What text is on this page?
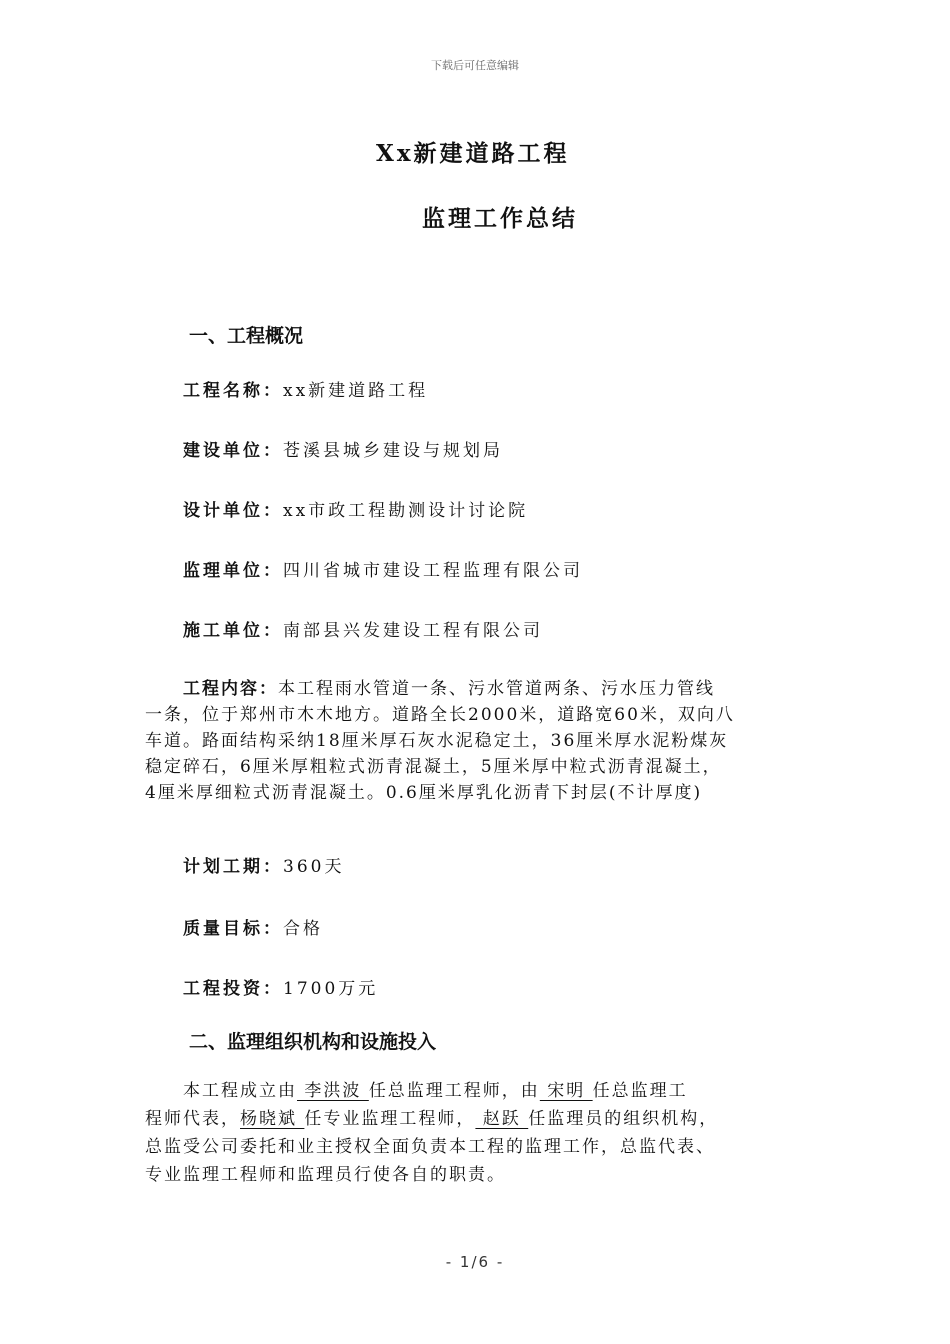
下载后可任意编辑
Xx新建道路工程
监理工作总结
一、工程概况
工程名称：xx新建道路工程
建设单位：苍溪县城乡建设与规划局
设计单位：xx市政工程勘测设计讨论院
监理单位：四川省城市建设工程监理有限公司
施工单位：南部县兴发建设工程有限公司
工程内容：本工程雨水管道一条、污水管道两条、污水压力管线
一条，位于郑州市木木地方。道路全长2000米，道路宽60米，双向八
车道。路面结构采纳18厘米厚石灰水泥稳定土，36厘米厚水泥粉煤灰
稳定碎石，6厘米厚粗粒式沥青混凝土，5厘米厚中粒式沥青混凝土，
4厘米厚细粒式沥青混凝土。0.6厘米厚乳化沥青下封层(不计厚度)
计划工期：360天
质量目标：合格
工程投资：1700万元
二、监理组织机构和设施投入
本工程成立由 李洪波 任总监理工程师，由 宋明 任总监理工
程师代表，杨晓斌 任专业监理工程师， 赵跃 任监理员的组织机构，
总监受公司委托和业主授权全面负责本工程的监理工作，总监代表、
专业监理工程师和监理员行使各自的职责。
- 1/6 -
